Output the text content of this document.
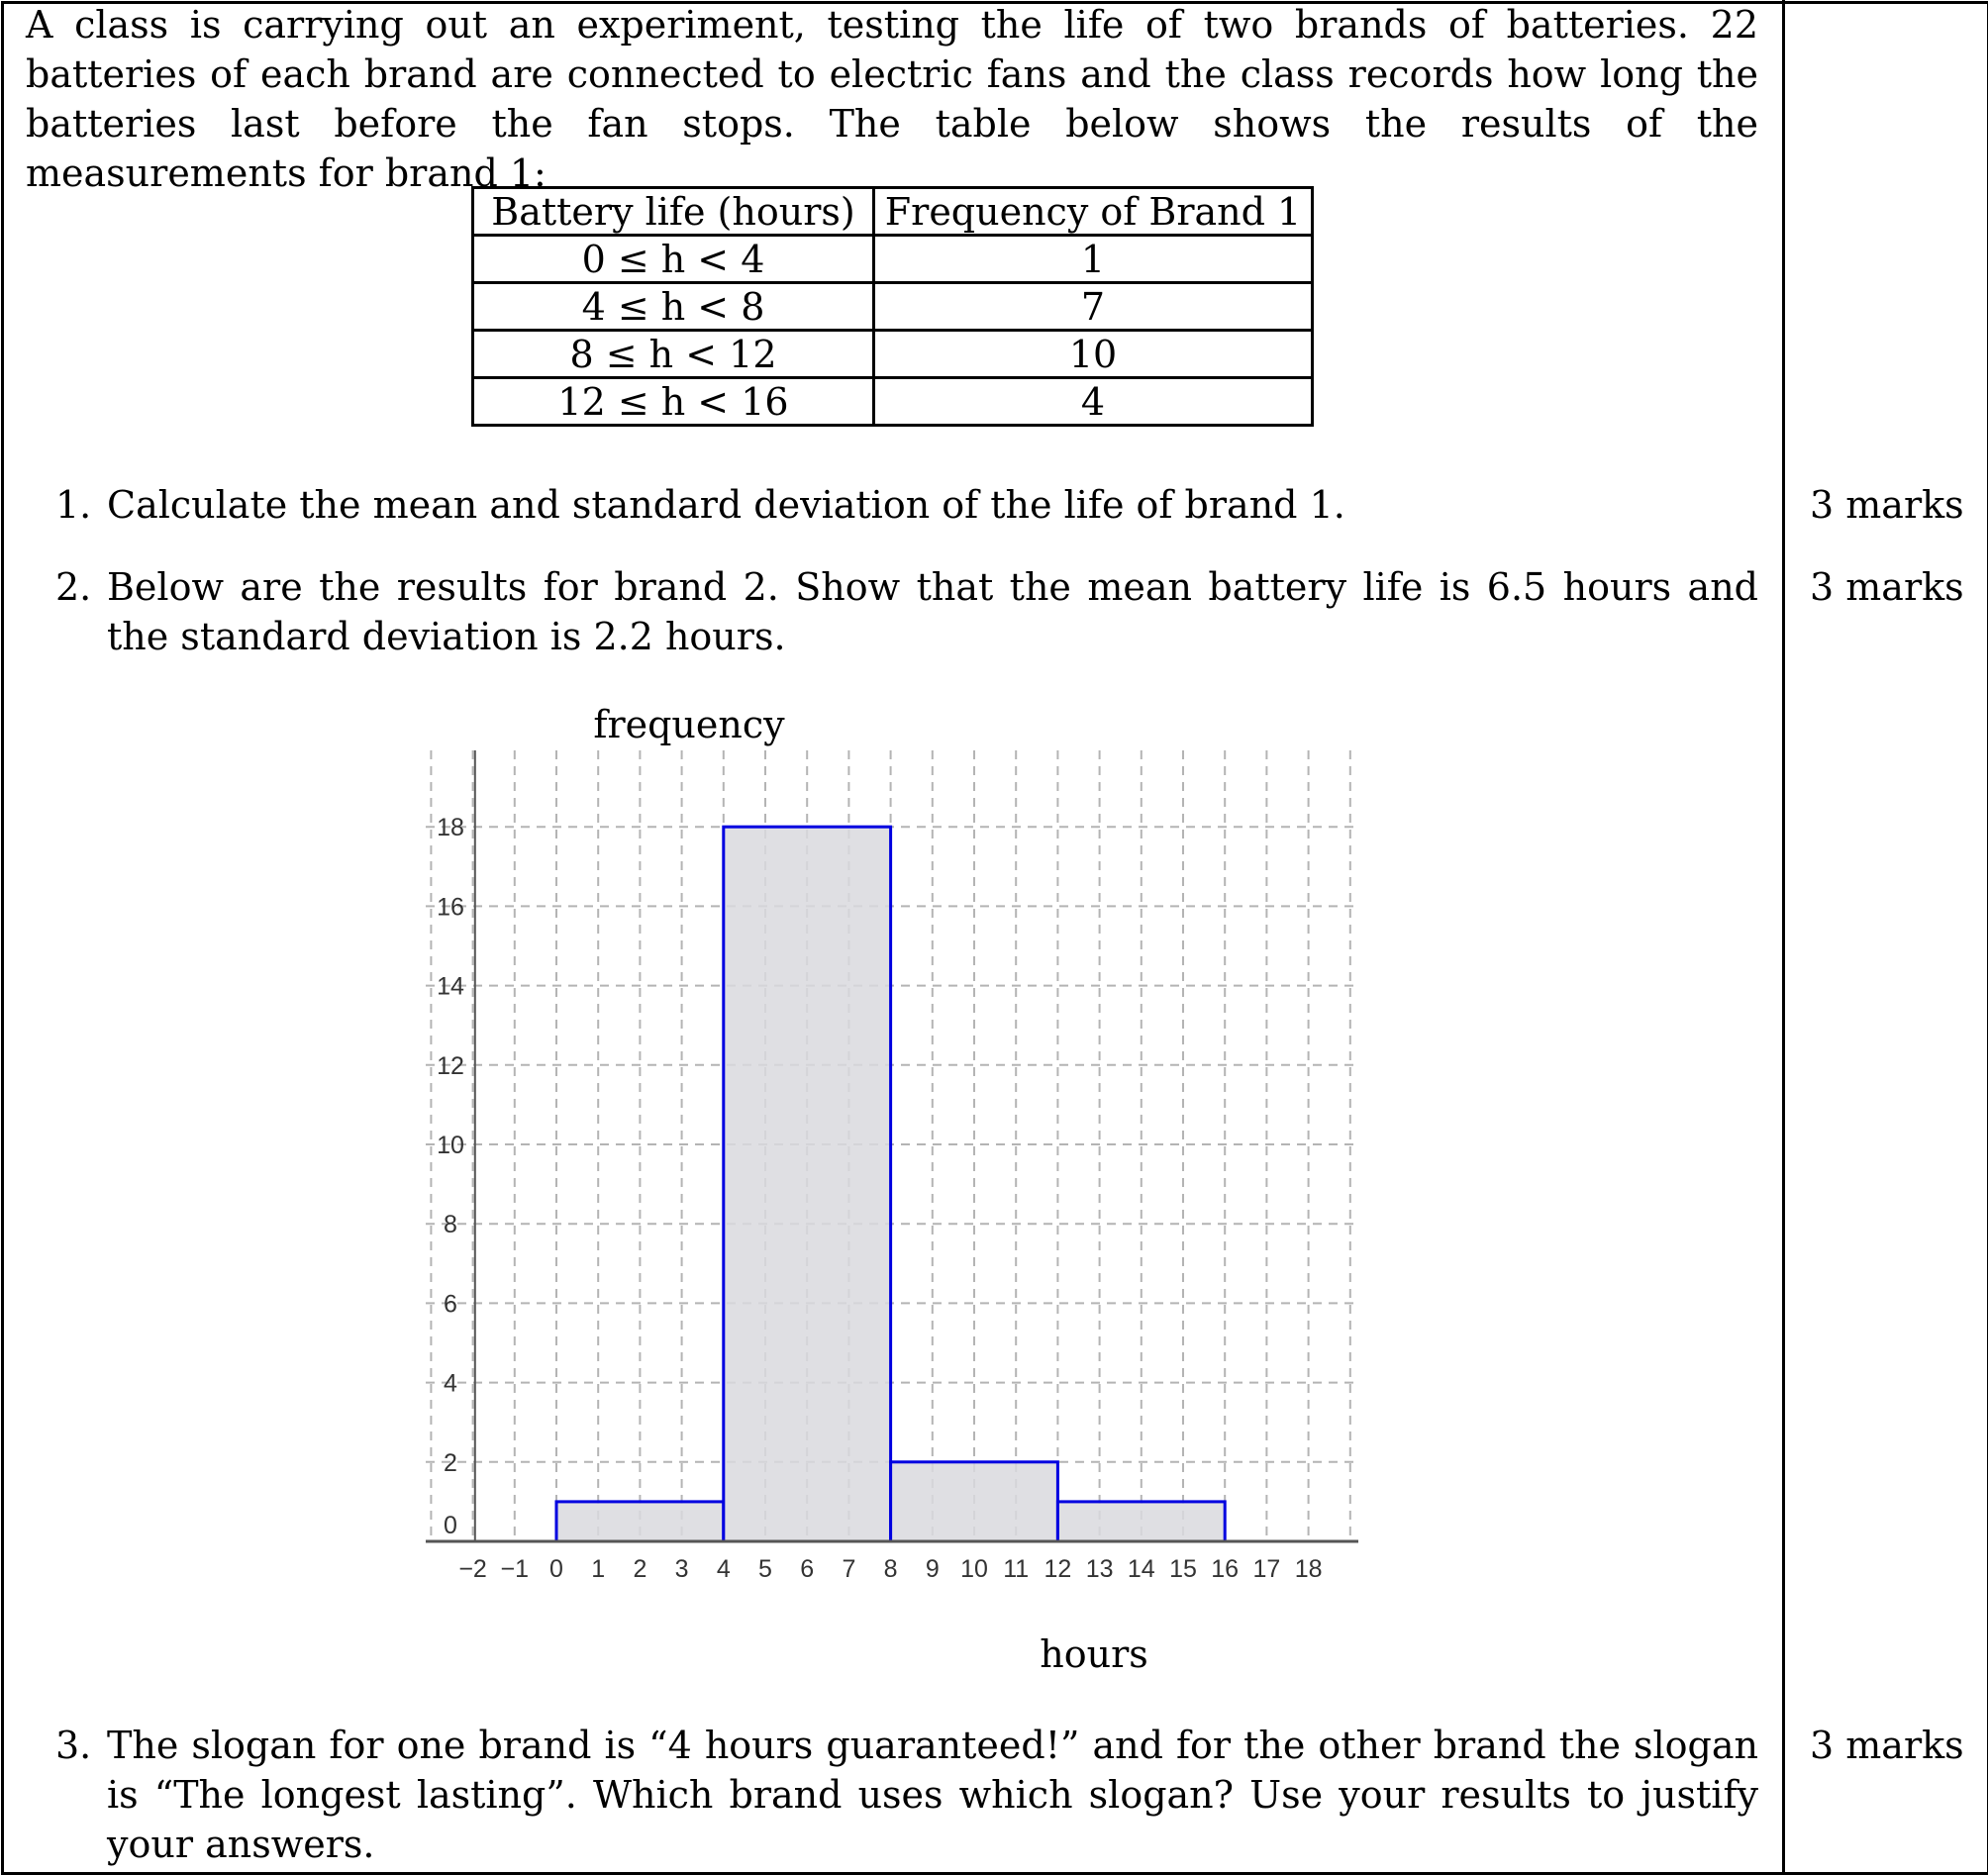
A class is carrying out an experiment, testing the life of two brands of batteries. 22 batteries of each brand are connected to electric fans and the class records how long the batteries last before the fan stops. The table below shows the results of the measurements for brand 1:
Battery life (hours)	Frequency of Brand 1
0 ≤ h < 4	1
4 ≤ h < 8	7
8 ≤ h < 12	10
12 ≤ h < 16	4
1. Calculate the mean and standard deviation of the life of brand 1.	3 marks
2. Below are the results for brand 2. Show that the mean battery life is 6.5 hours and the standard deviation is 2.2 hours.
3 marks
−2 −1 0 1 2 3 4 5 6 7 8 9 10 11 12 13 14 15 16 17 18
0
2
4
6
8
10
12
14
16
18
frequency
hours
3. The slogan for one brand is “4 hours guaranteed!” and for the other brand the slogan is “The longest lasting”. Which brand uses which slogan? Use your results to justify your answers.
3 marks
